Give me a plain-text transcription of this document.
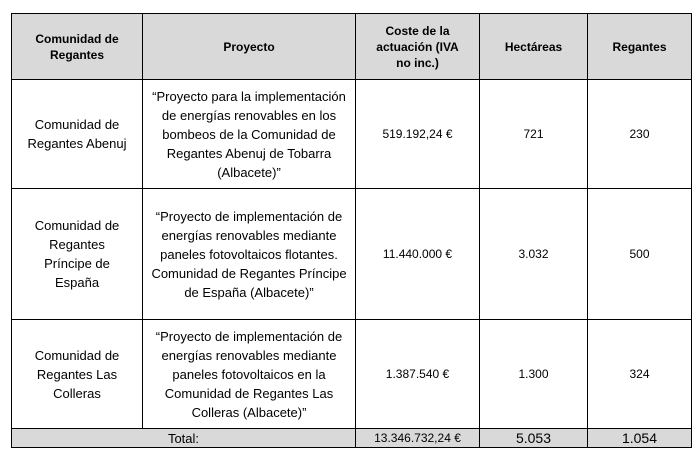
Comunidad de Regantes	Proyecto	Coste de la actuación (IVA no inc.)	Hectáreas	Regantes
Comunidad de Regantes Abenuj	“Proyecto para la implementación de energías renovables en los bombeos de la Comunidad de Regantes Abenuj de Tobarra (Albacete)”	519.192,24 €	721	230
Comunidad de Regantes Príncipe de España	“Proyecto de implementación de energías renovables mediante paneles fotovoltaicos flotantes. Comunidad de Regantes Príncipe de España (Albacete)”	11.440.000 €	3.032	500
Comunidad de Regantes Las Colleras	“Proyecto de implementación de energías renovables mediante paneles fotovoltaicos en la Comunidad de Regantes Las Colleras (Albacete)”	1.387.540 €	1.300	324
Total:		13.346.732,24 €	5.053	1.054
